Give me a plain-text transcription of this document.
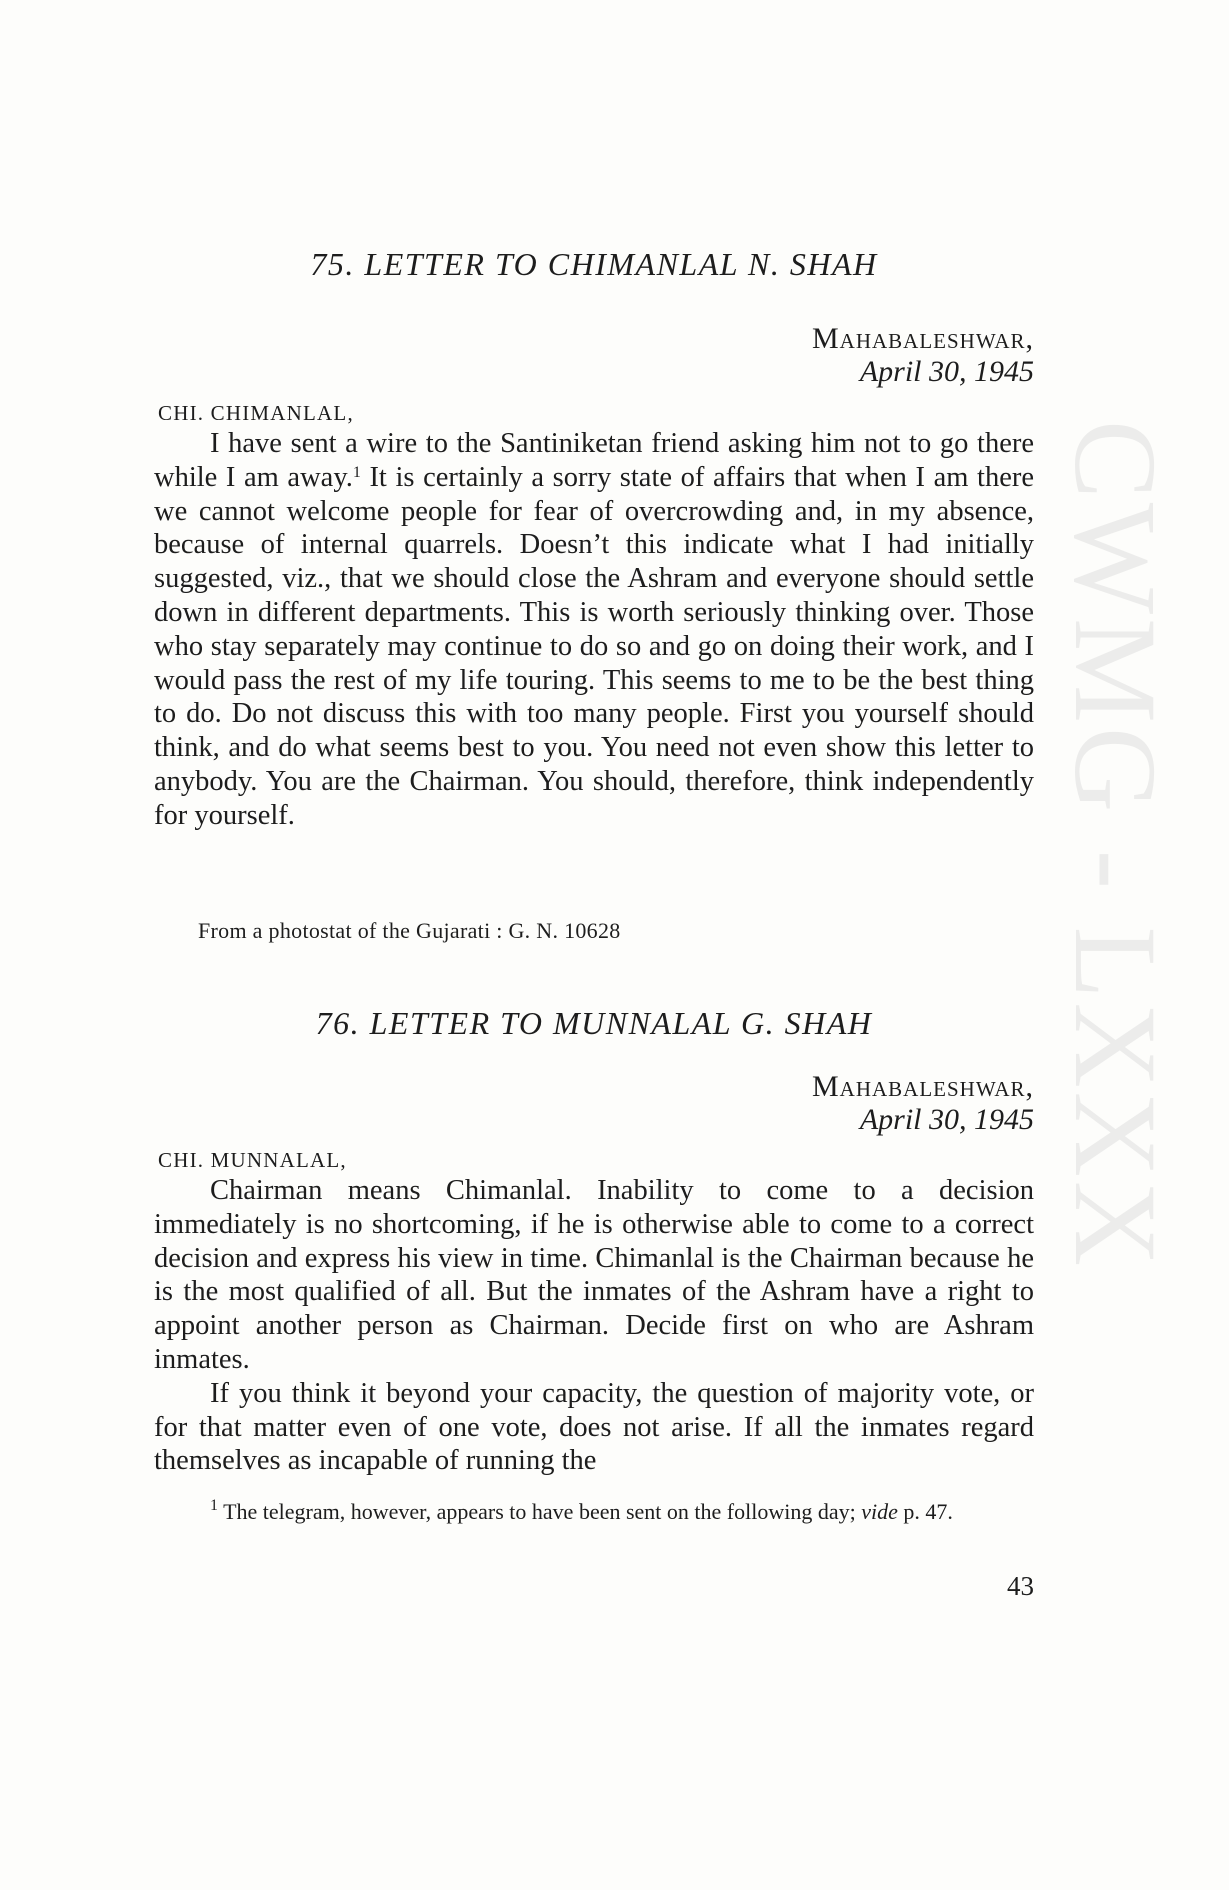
CWMG - LXXX
75. LETTER TO CHIMANLAL N. SHAH
Mahabaleshwar,
April 30, 1945
CHI. CHIMANLAL,

I have sent a wire to the Santiniketan friend asking him not to go there while I am away.$^1$ It is certainly a sorry state of affairs that when I am there we cannot welcome people for fear of overcrowding and, in my absence, because of internal quarrels. Doesn’t this indicate what I had initially suggested, viz., that we should close the Ashram and everyone should settle down in different departments. This is worth seriously thinking over. Those who stay separately may continue to do so and go on doing their work, and I would pass the rest of my life touring. This seems to me to be the best thing to do. Do not discuss this with too many people. First you yourself should think, and do what seems best to you. You need not even show this letter to anybody. You are the Chairman. You should, therefore, think independently for yourself.

From a photostat of the Gujarati : G. N. 10628
76. LETTER TO MUNNALAL G. SHAH
Mahabaleshwar,
April 30, 1945
CHI. MUNNALAL,

Chairman means Chimanlal. Inability to come to a decision immediately is no shortcoming, if he is otherwise able to come to a correct decision and express his view in time. Chimanlal is the Chairman because he is the most qualified of all. But the inmates of the Ashram have a right to appoint another person as Chairman. Decide first on who are Ashram inmates.

If you think it beyond your capacity, the question of majority vote, or for that matter even of one vote, does not arise. If all the inmates regard themselves as incapable of running the

$^1$ The telegram, however, appears to have been sent on the following day; vide p. 47.

43
